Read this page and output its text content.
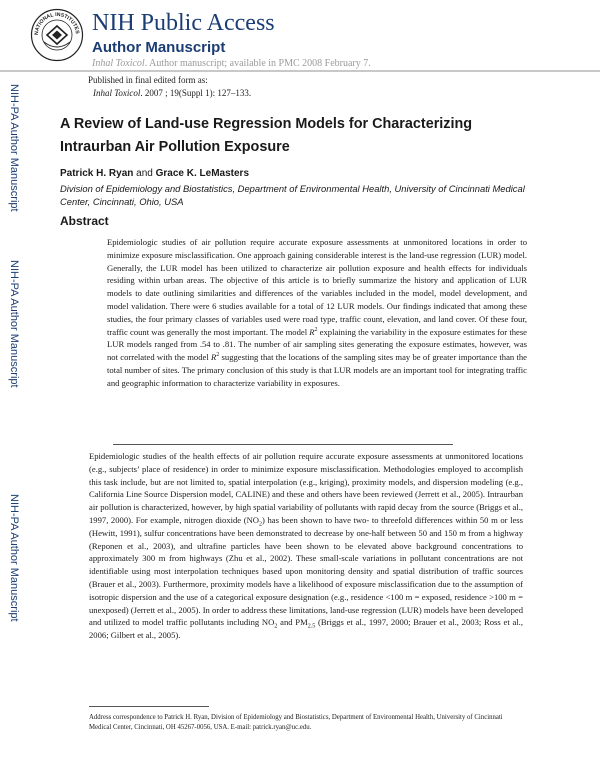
NATIONAL INSTITUTES NIH Public Access
Author Manuscript
Inhal Toxicol. Author manuscript; available in PMC 2008 February 7.
Published in final edited form as:
Inhal Toxicol. 2007 ; 19(Suppl 1): 127–133.
NIH-PA Author Manuscript
NIH-PA Author Manuscript
NIH-PA Author Manuscript
A Review of Land-use Regression Models for Characterizing Intraurban Air Pollution Exposure
Patrick H. Ryan and Grace K. LeMasters
Division of Epidemiology and Biostatistics, Department of Environmental Health, University of Cincinnati Medical Center, Cincinnati, Ohio, USA
Abstract
Epidemiologic studies of air pollution require accurate exposure assessments at unmonitored locations in order to minimize exposure misclassification. One approach gaining considerable interest is the land-use regression (LUR) model. Generally, the LUR model has been utilized to characterize air pollution exposure and health effects for individuals residing within urban areas. The objective of this article is to briefly summarize the history and application of LUR models to date outlining similarities and differences of the variables included in the model, model development, and model validation. There were 6 studies available for a total of 12 LUR models. Our findings indicated that among these studies, the four primary classes of variables used were road type, traffic count, elevation, and land cover. Of these four, traffic count was generally the most important. The model $R^2$ explaining the variability in the exposure estimates for these LUR models ranged from .54 to .81. The number of air sampling sites generating the exposure estimates, however, was not correlated with the model $R^2$ suggesting that the locations of the sampling sites may be of greater importance than the total number of sites. The primary conclusion of this study is that LUR models are an important tool for integrating traffic and geographic information to characterize variability in exposures.
Epidemiologic studies of the health effects of air pollution require accurate exposure assessments at unmonitored locations (e.g., subjects’ place of residence) in order to minimize exposure misclassification. Methodologies employed to accomplish this task include, but are not limited to, spatial interpolation (e.g., kriging), proximity models, and dispersion modeling (e.g., California Line Source Dispersion model, CALINE) and these and others have been reviewed (Jerrett et al., 2005). Intraurban air pollution is characterized, however, by high spatial variability of pollutants with rapid decay from the source (Briggs et al., 1997, 2000). For example, nitrogen dioxide $(NO_2)$ has been shown to have two- to threefold differences within 50 m or less (Hewitt, 1991), sulfur concentrations have been demonstrated to decrease by one-half between 50 and 150 m from a highway (Reponen et al., 2003), and ultrafine particles have been shown to be elevated above background concentrations to approximately 300 m from highways (Zhu et al., 2002). These small-scale variations in pollutant concentrations are not identifiable using most interpolation techniques based upon monitoring density and spatial distribution of traffic sources (Brauer et al., 2003). Furthermore, proximity models have a likelihood of exposure misclassification due to the assumption of isotropic dispersion and the use of a categorical exposure designation (e.g., residence <100 m = exposed, residence >100 m = unexposed) (Jerrett et al., 2005). In order to address these limitations, land-use regression (LUR) models have been developed and utilized to model traffic pollutants including $NO_2$ and $PM_{2.5}$ (Briggs et al., 1997, 2000; Brauer et al., 2003; Ross et al., 2006; Gilbert et al., 2005).
Address correspondence to Patrick H. Ryan, Division of Epidemiology and Biostatistics, Department of Environmental Health, University of Cincinnati Medical Center, Cincinnati, OH 45267-0056, USA. E-mail: patrick.ryan@uc.edu.
